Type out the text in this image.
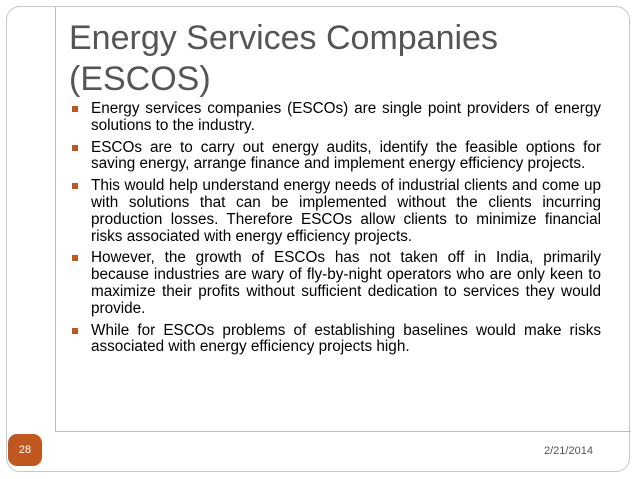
Energy Services Companies
(ESCOS)
Energy services companies (ESCOs) are single point providers of energy solutions to the industry.
ESCOs are to carry out energy audits, identify the feasible options for saving energy, arrange finance and implement energy efficiency projects.
This would help understand energy needs of industrial clients and come up with solutions that can be implemented without the clients incurring production losses. Therefore ESCOs allow clients to minimize financial risks associated with energy efficiency projects.
However, the growth of ESCOs has not taken off in India, primarily because industries are wary of fly-by-night operators who are only keen to maximize their profits without sufficient dedication to services they would provide.
While for ESCOs problems of establishing baselines would make risks associated with energy efficiency projects high.
28	2/21/2014
